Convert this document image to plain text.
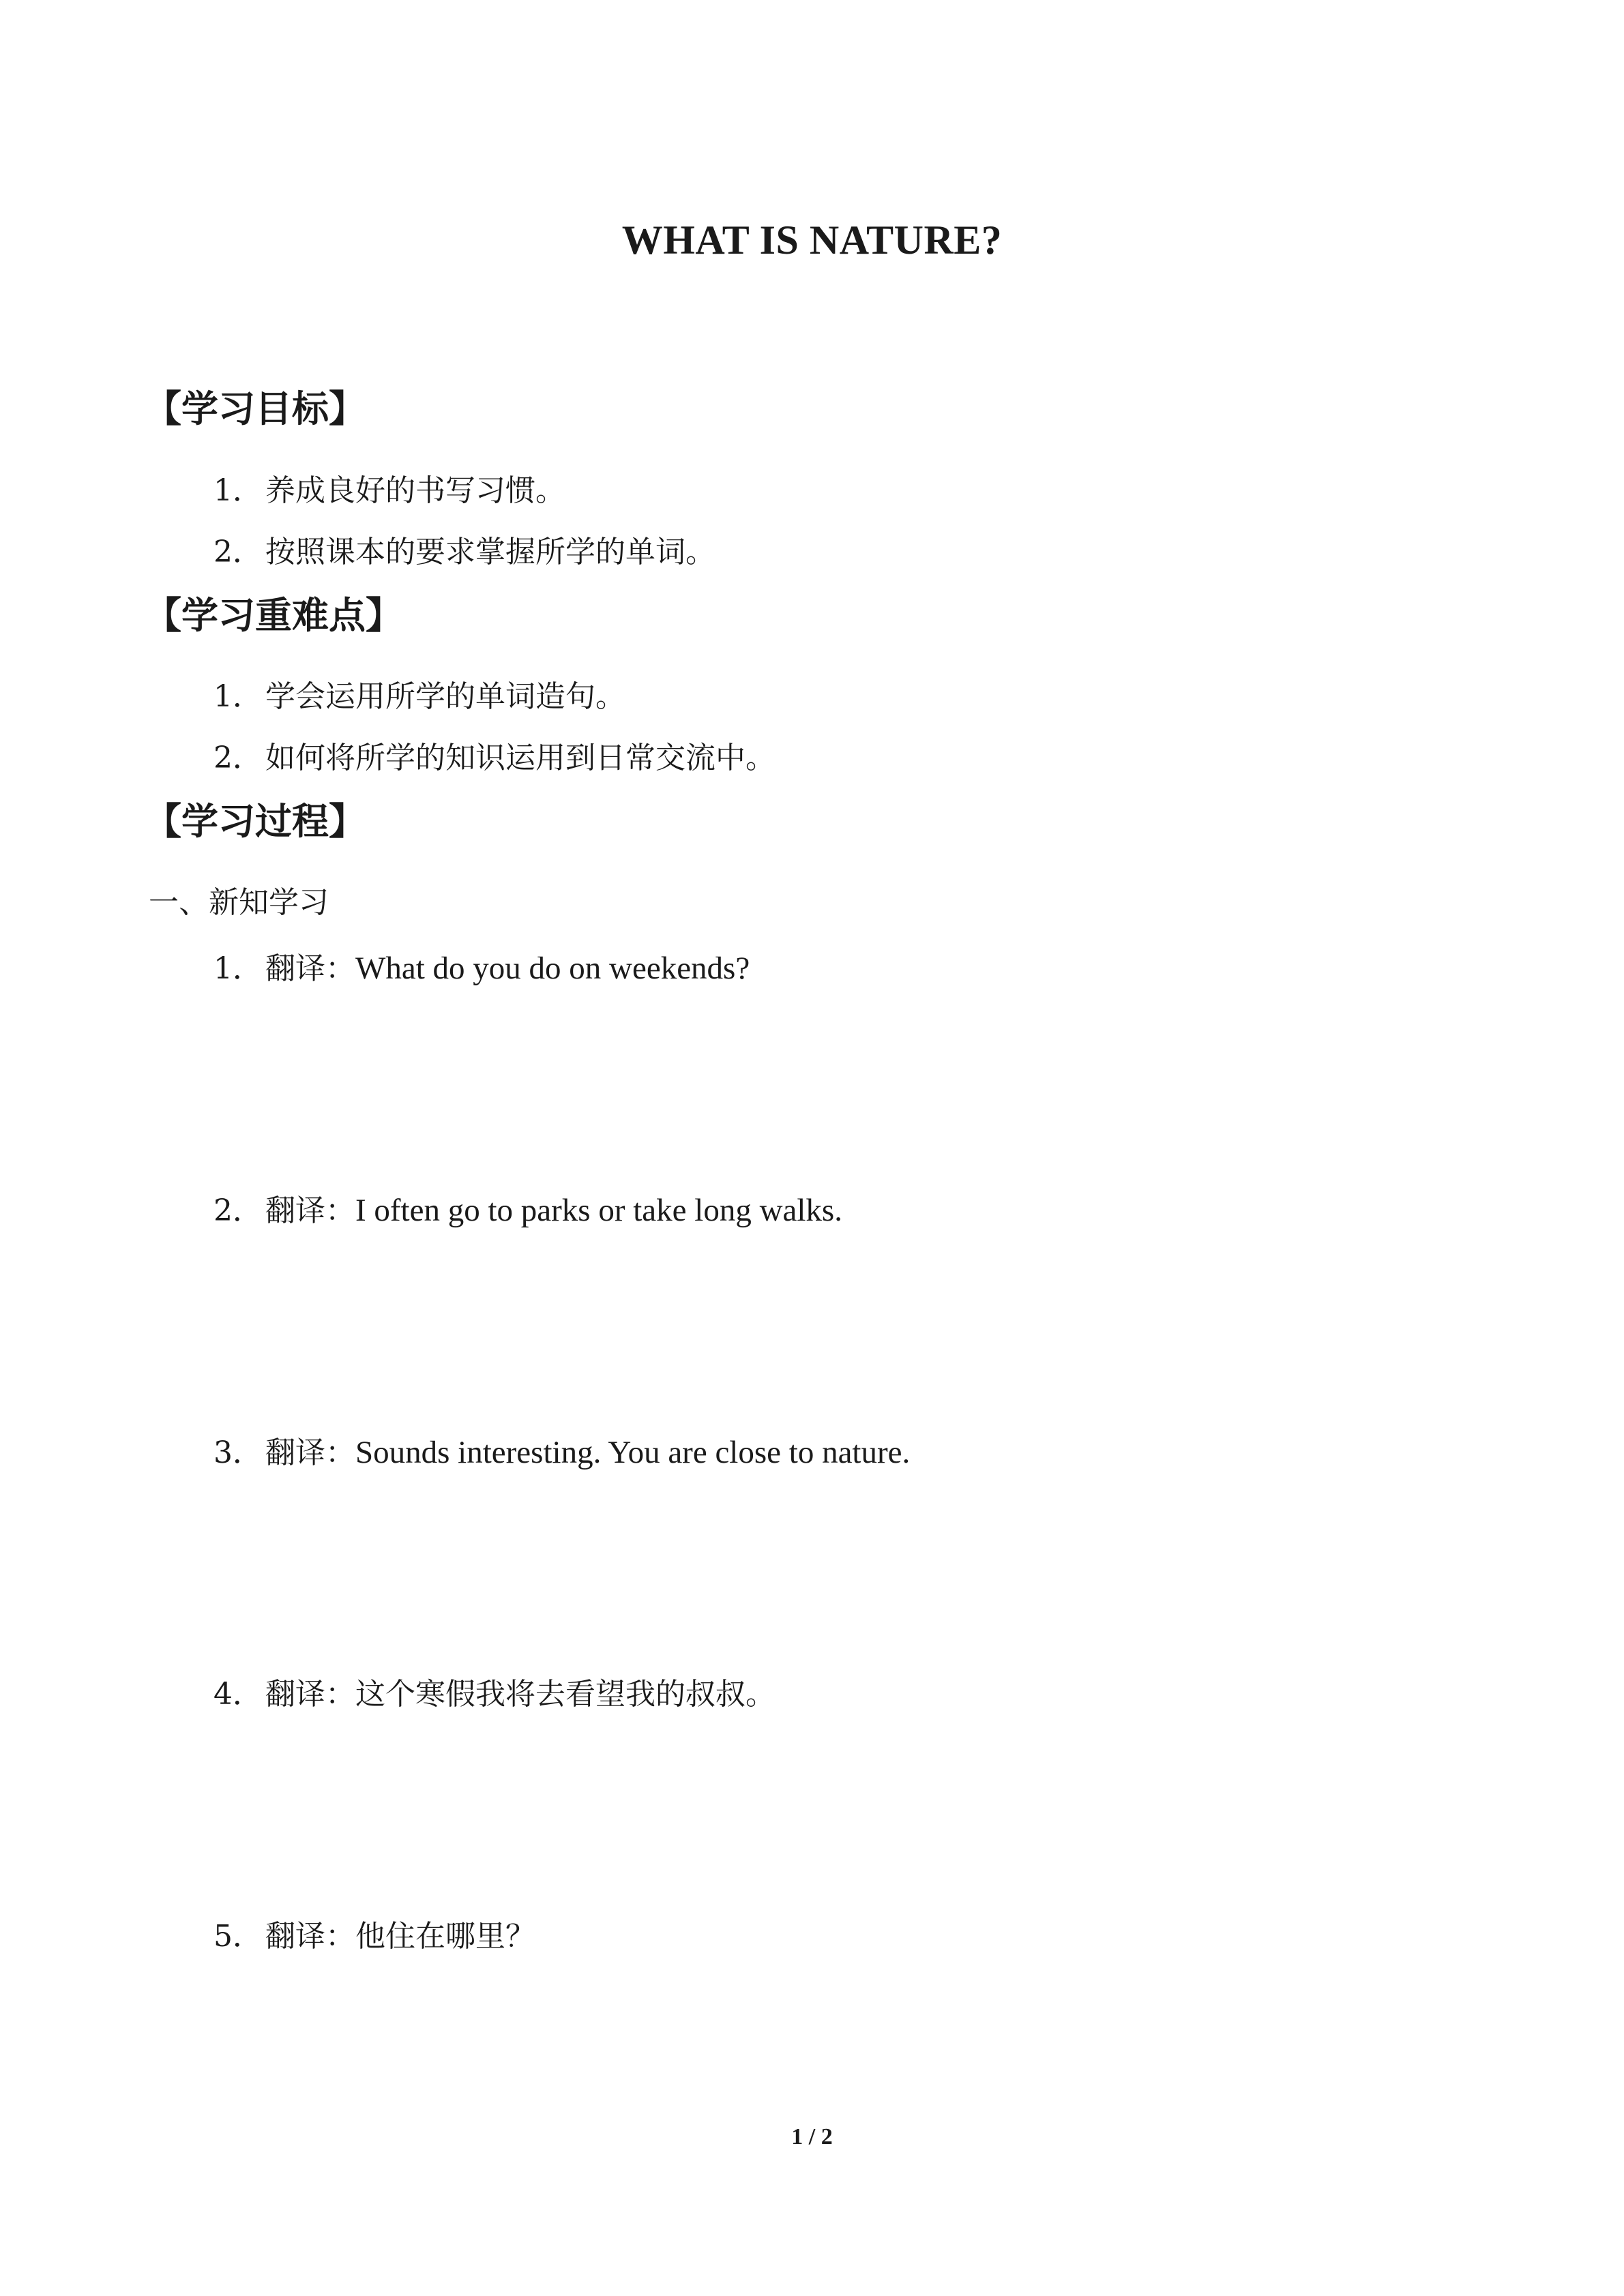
WHAT IS NATURE?
【学习目标】
1．养成良好的书写习惯。
2．按照课本的要求掌握所学的单词。
【学习重难点】
1．学会运用所学的单词造句。
2．如何将所学的知识运用到日常交流中。
【学习过程】
一、新知学习
1．翻译：What do you do on weekends?
2．翻译：I often go to parks or take long walks.
3．翻译：Sounds interesting. You are close to nature.
4．翻译：这个寒假我将去看望我的叔叔。
5．翻译：他住在哪里？
1 / 2
